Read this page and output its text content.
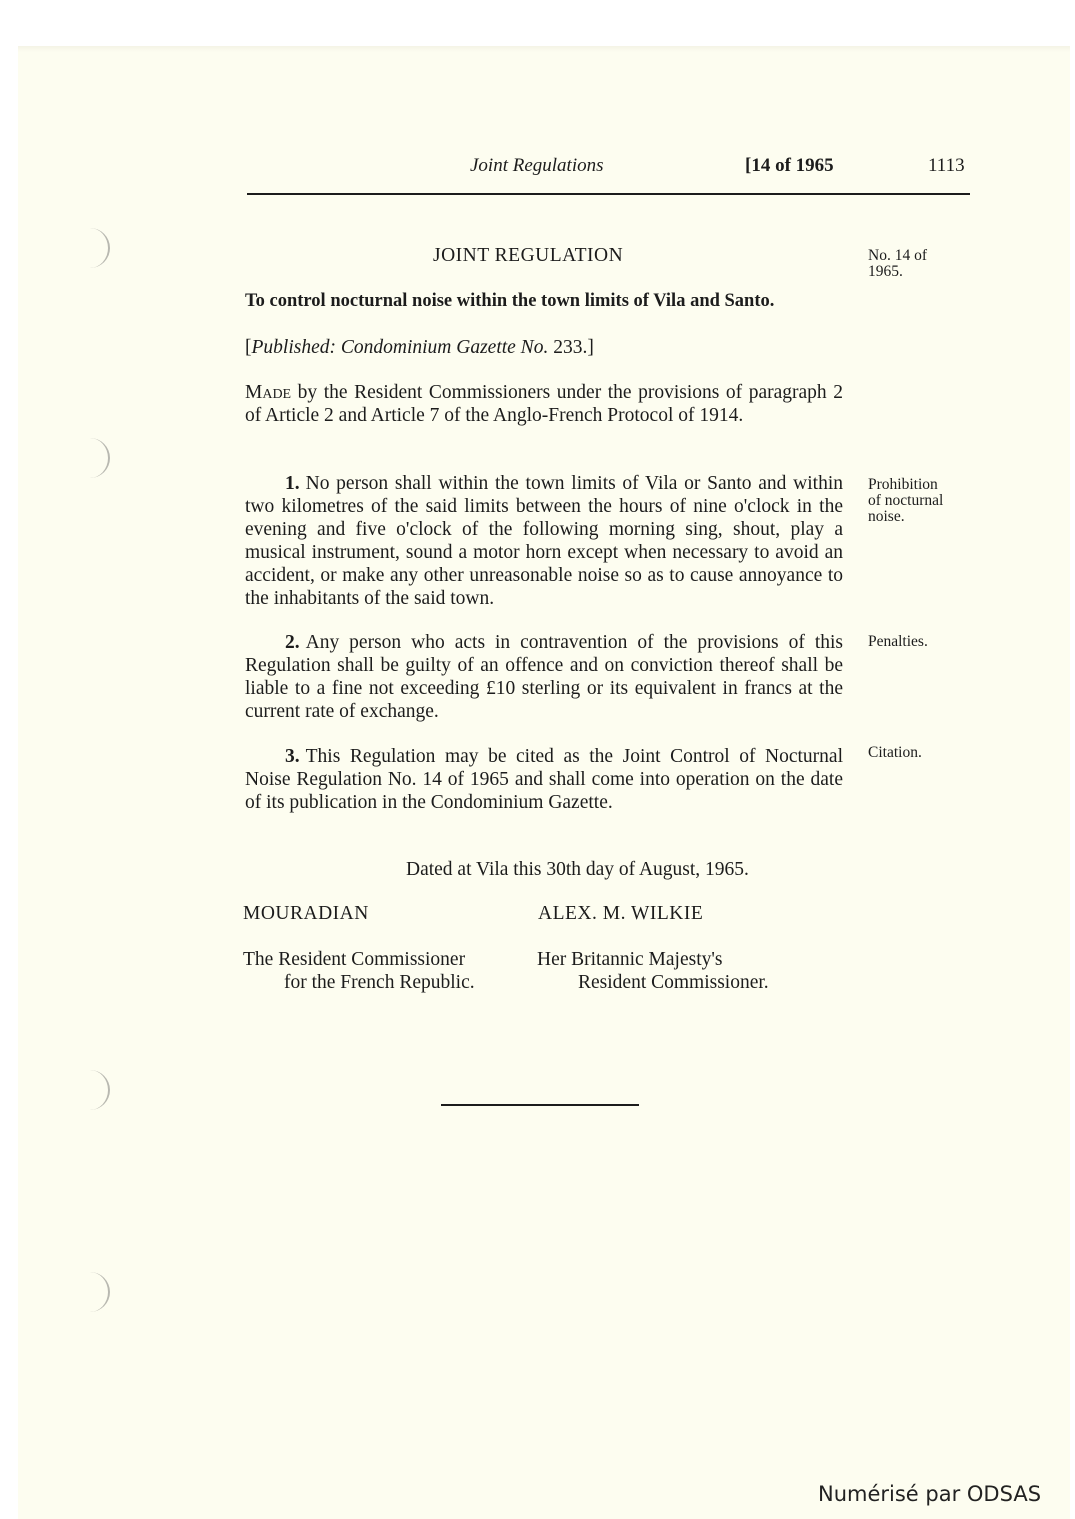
Joint Regulations	[14 of 1965	1113
JOINT REGULATION
To control nocturnal noise within the town limits of Vila and Santo.
[Published: Condominium Gazette No. 233.]
Made by the Resident Commissioners under the provisions of paragraph 2 of Article 2 and Article 7 of the Anglo-French Protocol of 1914.
1. No person shall within the town limits of Vila or Santo and within two kilometres of the said limits between the hours of nine o'clock in the evening and five o'clock of the following morning sing, shout, play a musical instrument, sound a motor horn except when necessary to avoid an accident, or make any other unreasonable noise so as to cause annoyance to the inhabitants of the said town.
2. Any person who acts in contravention of the provisions of this Regulation shall be guilty of an offence and on conviction thereof shall be liable to a fine not exceeding £10 sterling or its equivalent in francs at the current rate of exchange.
3. This Regulation may be cited as the Joint Control of Nocturnal Noise Regulation No. 14 of 1965 and shall come into operation on the date of its publication in the Condominium Gazette.
Dated at Vila this 30th day of August, 1965.
MOURADIAN	ALEX. M. WILKIE
The Resident Commissioner
for the French Republic.
Her Britannic Majesty's
Resident Commissioner.
No. 14 of
1965.
Prohibition
of nocturnal
noise.
Penalties.
Citation.
Numérisé par ODSAS
